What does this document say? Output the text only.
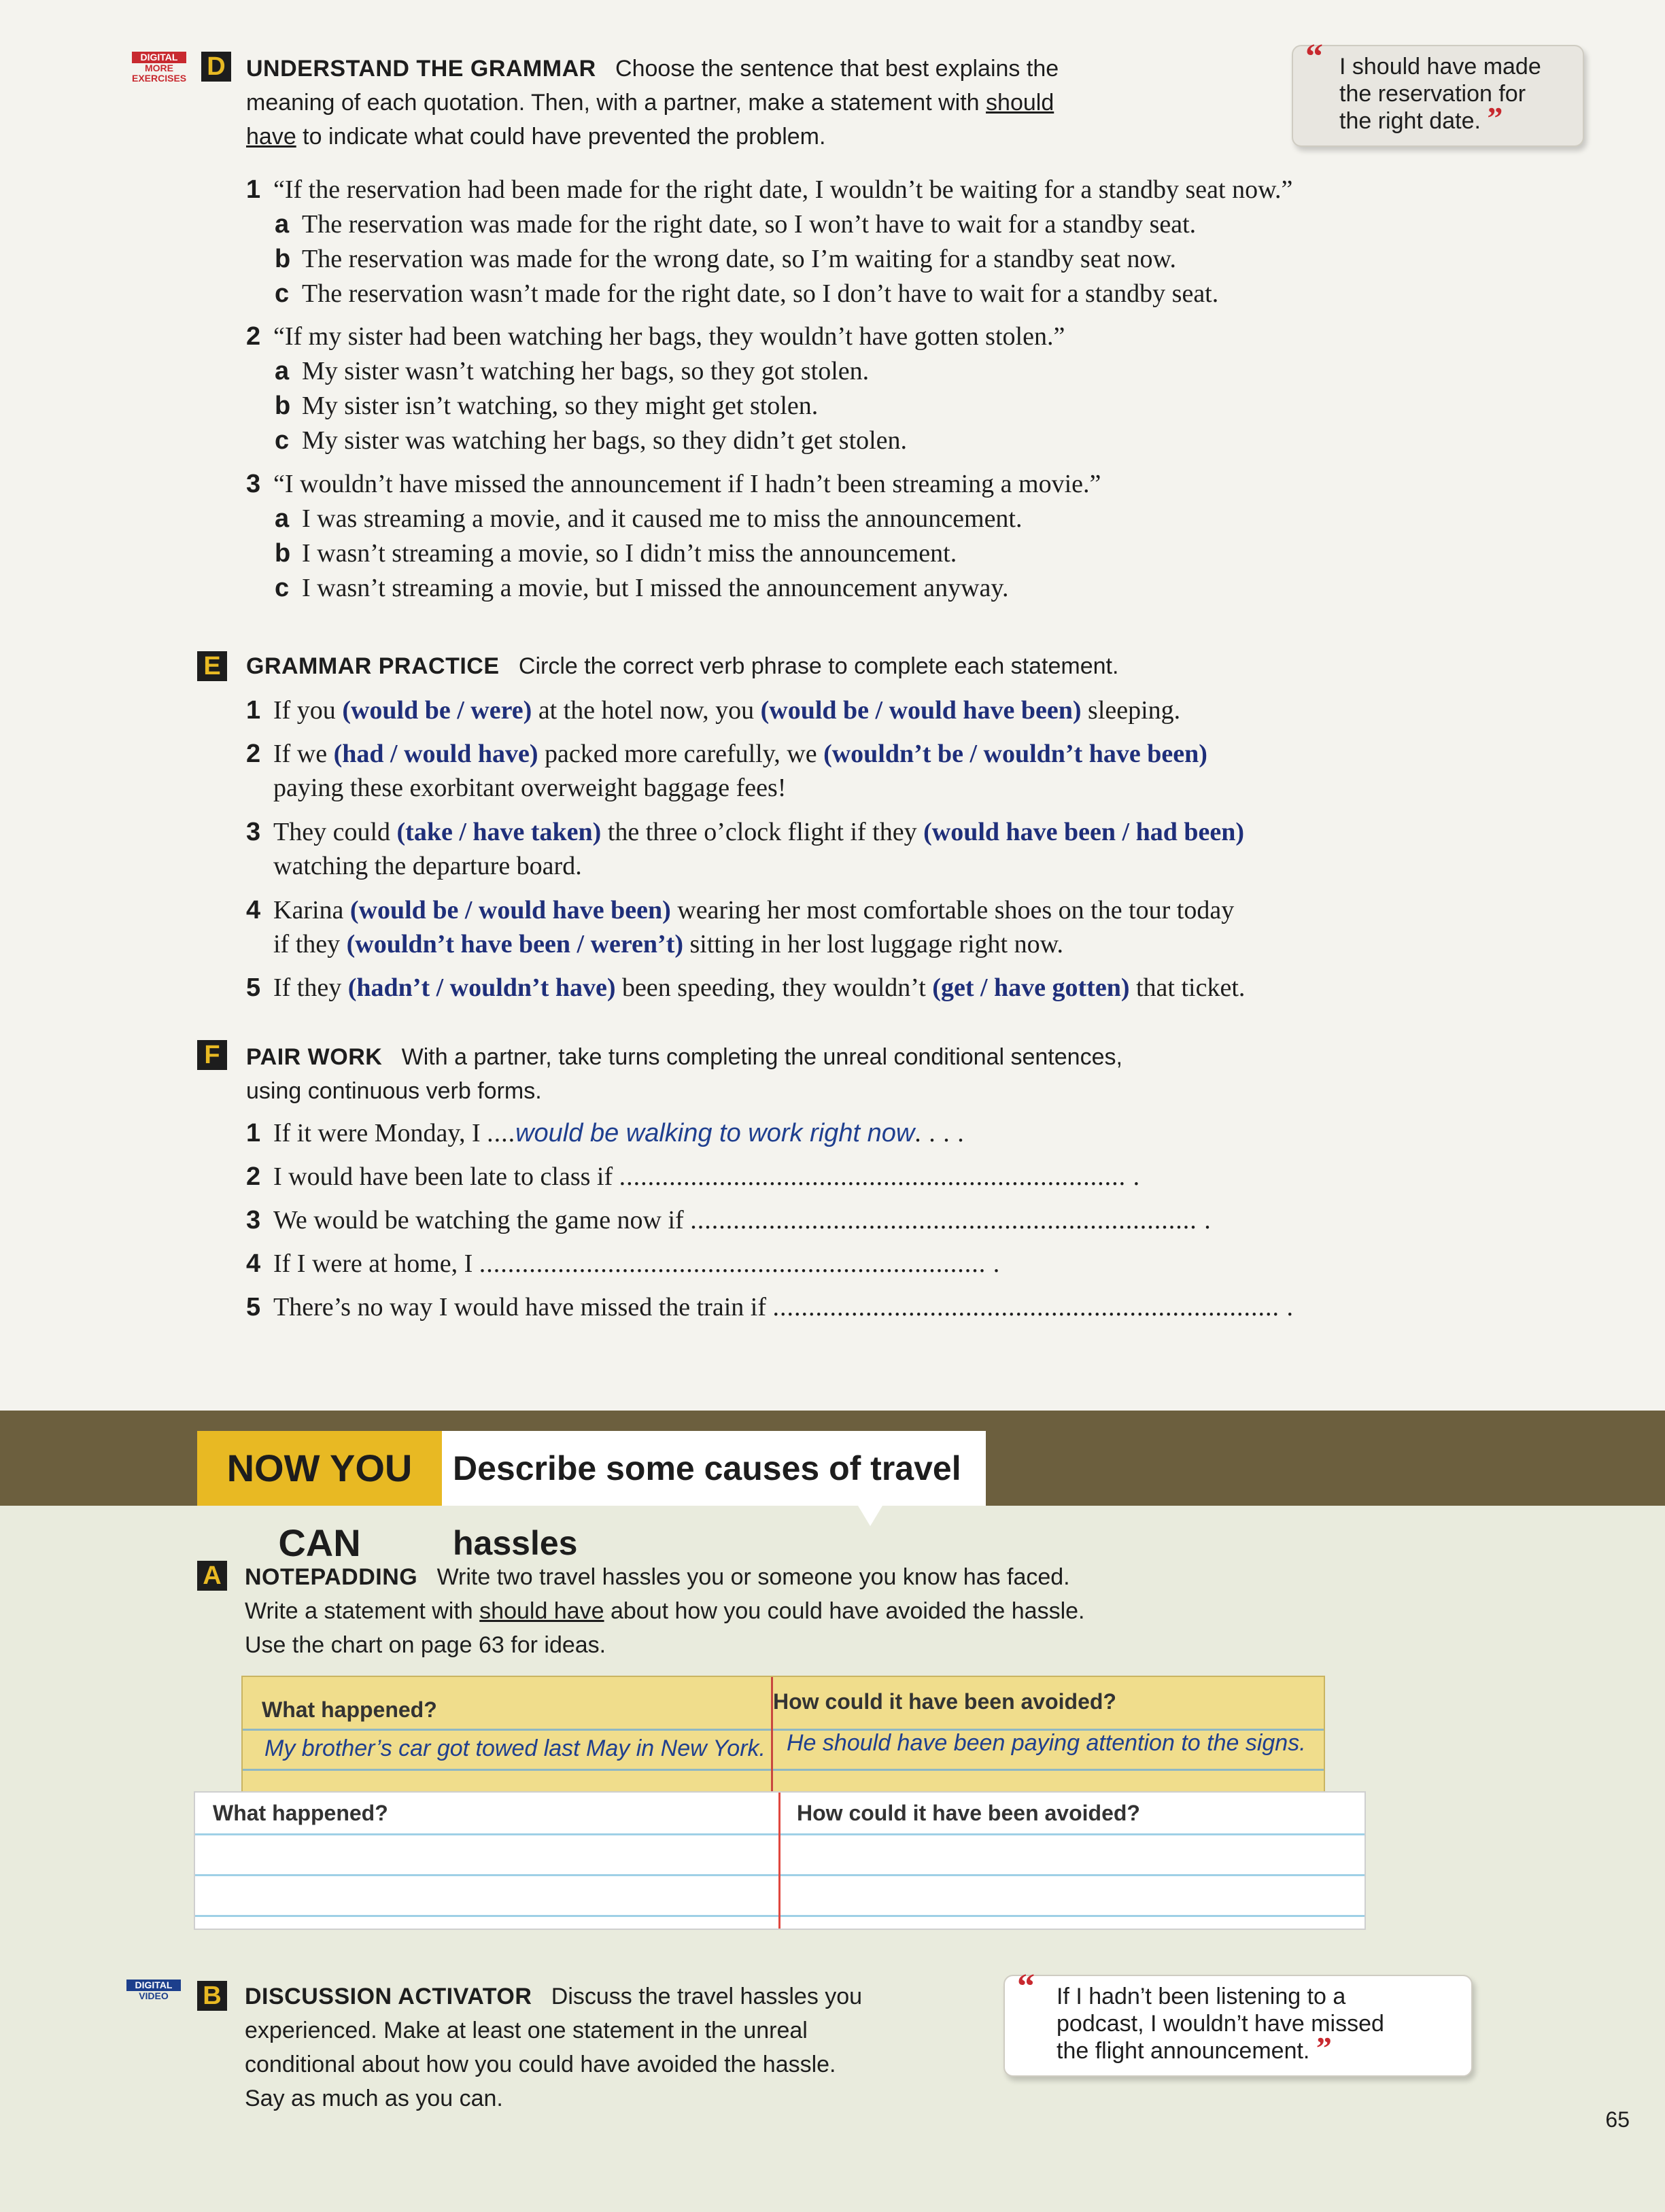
DIGITAL
MORE
EXERCISES D UNDERSTAND THE GRAMMAR Choose the sentence that best explains the
meaning of each quotation. Then, with a partner, make a statement with should
have to indicate what could have prevented the problem.
“ I should have made
the reservation for
the right date. ”
1 “If the reservation had been made for the right date, I wouldn’t be waiting for a standby seat now.”
a The reservation was made for the right date, so I won’t have to wait for a standby seat.
b The reservation was made for the wrong date, so I’m waiting for a standby seat now.
c The reservation wasn’t made for the right date, so I don’t have to wait for a standby seat.
2 “If my sister had been watching her bags, they wouldn’t have gotten stolen.”
a My sister wasn’t watching her bags, so they got stolen.
b My sister isn’t watching, so they might get stolen.
c My sister was watching her bags, so they didn’t get stolen.
3 “I wouldn’t have missed the announcement if I hadn’t been streaming a movie.”
a I was streaming a movie, and it caused me to miss the announcement.
b I wasn’t streaming a movie, so I didn’t miss the announcement.
c I wasn’t streaming a movie, but I missed the announcement anyway.
E GRAMMAR PRACTICE Circle the correct verb phrase to complete each statement.
1 If you (would be / were) at the hotel now, you (would be / would have been) sleeping.
2 If we (had / would have) packed more carefully, we (wouldn’t be / wouldn’t have been)
paying these exorbitant overweight baggage fees!
3 They could (take / have taken) the three o’clock flight if they (would have been / had been)
watching the departure board.
4 Karina (would be / would have been) wearing her most comfortable shoes on the tour today
if they (wouldn’t have been / weren’t) sitting in her lost luggage right now.
5 If they (hadn’t / wouldn’t have) been speeding, they wouldn’t (get / have gotten) that ticket.
F	PAIR WORK With a partner, take turns completing the unreal conditional sentences,
using continuous verb forms.
1 If it were Monday, I ....would be walking to work right now. . . .
2 I would have been late to class if ....................................................................... .
3 We would be watching the game now if ....................................................................... .
4 If I were at home, I ....................................................................... .
5 There’s no way I would have missed the train if ....................................................................... .
NOW YOU CAN
Describe some causes of travel hassles
A NOTEPADDING Write two travel hassles you or someone you know has faced.
Write a statement with should have about how you could have avoided the hassle.
Use the chart on page 63 for ideas.
What happened?	How could it have been avoided?
My brother’s car got towed last May in New York. He should have been paying attention to the signs.
What happened?	How could it have been avoided?
DIGITAL
VIDEO	B DISCUSSION ACTIVATOR Discuss the travel hassles you
experienced. Make at least one statement in the unreal
conditional about how you could have avoided the hassle.
Say as much as you can.
“ If I hadn’t been listening to a
podcast, I wouldn’t have missed
the flight announcement. ”
65
